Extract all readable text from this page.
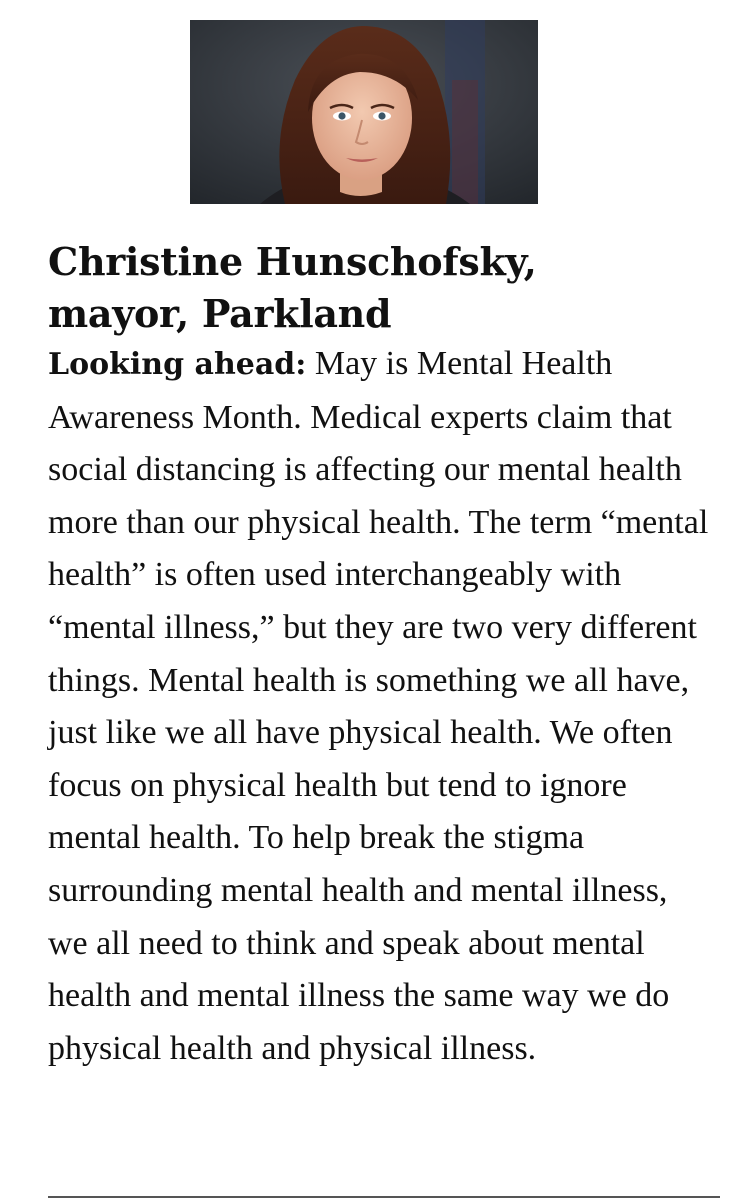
Christine Hunschofsky,
mayor, Parkland

Looking ahead: May is Mental Health Awareness Month. Medical experts claim that social distancing is affecting our mental health more than our physical health. The term “mental health” is often used interchangeably with “mental illness,” but they are two very different things. Mental health is something we all have, just like we all have physical health. We often focus on physical health but tend to ignore mental health. To help break the stigma surrounding mental health and mental illness, we all need to think and speak about mental health and mental illness the same way we do physical health and physical illness.
